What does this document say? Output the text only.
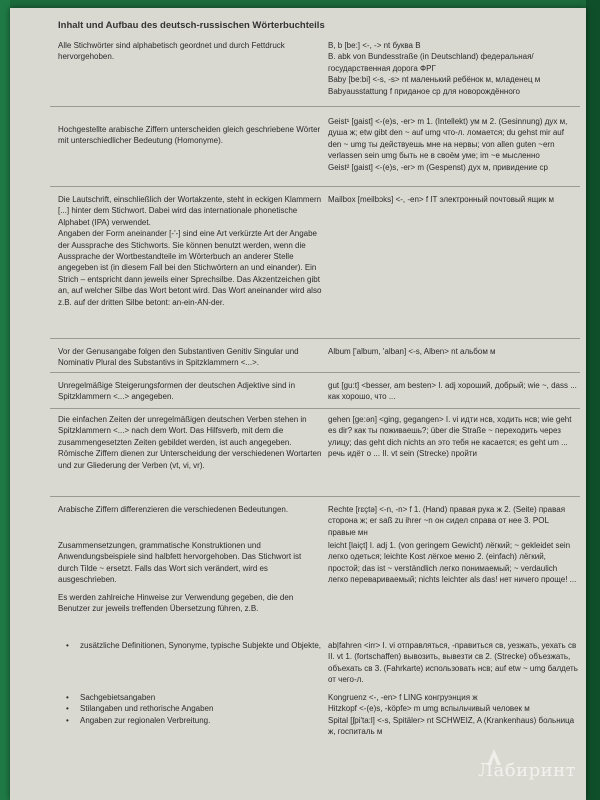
Inhalt und Aufbau des deutsch-russischen Wörterbuchteils

Alle Stichwörter sind alphabetisch geordnet und durch Fettdruck hervorgehoben.

B, b [be:] <-, -> nt буква B

B. abk von Bundesstraße (in Deutschland) федеральная/государственная дорога ФРГ

Baby [be:bi] <-s, -s> nt маленький ребёнок м, младенец м

Babyausstattung f приданое ср для новорождённого

Hochgestellte arabische Ziffern unterscheiden gleich geschriebene Wörter mit unterschiedlicher Bedeutung (Homonyme).

Geist¹ [gaist] <-(e)s, -er> m 1. (Intellekt) ум м 2. (Gesinnung) дух м, душа ж; etw gibt den ~ auf umg что-л. ломается; du gehst mir auf den ~ umg ты действуешь мне на нервы; von allen guten ~ern verlassen sein umg быть не в своём уме; im ~e мысленно

Geist² [gaist] <-(e)s, -er> m (Gespenst) дух м, привидение ср

Die Lautschrift, einschließlich der Wortakzente, steht in eckigen Klammern [...] hinter dem Stichwort. Dabei wird das internationale phonetische Alphabet (IPA) verwendet.

Angaben der Form aneinander [-'-] sind eine Art verkürzte Art der Angabe der Aussprache des Stichworts. Sie können benutzt werden, wenn die Aussprache der Wortbestandteile im Wörterbuch an anderer Stelle angegeben ist (in diesem Fall bei den Stichwörtern an und einander). Ein Strich – entspricht dann jeweils einer Sprechsilbe. Das Akzentzeichen gibt an, auf welcher Silbe das Wort betont wird. Das Wort aneinander wird also z.B. auf der dritten Silbe betont: an-ein-AN-der.

Mailbox [meilbɔks] <-, -en> f IT электронный почтовый ящик м

Vor der Genusangabe folgen den Substantiven Genitiv Singular und Nominativ Plural des Substantivs in Spitzklammern <...>.

Album ['album, 'alban] <-s, Alben> nt альбом м

Unregelmäßige Steigerungsformen der deutschen Adjektive sind in Spitzklammern <...> angegeben.

gut [gu:t] <besser, am besten> I. adj хороший, добрый; wie ~, dass ... как хорошо, что ...

Die einfachen Zeiten der unregelmäßigen deutschen Verben stehen in Spitzklammern <...> nach dem Wort. Das Hilfsverb, mit dem die zusammengesetzten Zeiten gebildet werden, ist auch angegeben.

Römische Ziffern dienen zur Unterscheidung der verschiedenen Wortarten und zur Gliederung der Verben (vt, vi, vr).

gehen [ge:ən] <ging, gegangen> I. vi идти нсв, ходить нсв; wie geht es dir? как ты поживаешь?; über die Straße ~ переходить через улицу; das geht dich nichts an это тебя не касается; es geht um ... речь идёт о ... II. vt sein (Strecke) пройти

Arabische Ziffern differenzieren die verschiedenen Bedeutungen.	Rechte [rɛçtə] <-n, -n> f 1. (Hand) правая рука ж 2. (Seite) правая сторона ж; er saß zu ihrer ~n он сидел справа от нее 3. POL правые мн

Zusammensetzungen, grammatische Konstruktionen und Anwendungsbeispiele sind halbfett hervorgehoben. Das Stichwort ist durch Tilde ~ ersetzt. Falls das Wort sich verändert, wird es ausgeschrieben.

Es werden zahlreiche Hinweise zur Verwendung gegeben, die den Benutzer zur jeweils treffenden Übersetzung führen, z.B.

leicht [laiçt] I. adj 1. (von geringem Gewicht) лёгкий; ~ gekleidet sein легко одеться; leichte Kost лёгкое меню 2. (einfach) лёгкий, простой; das ist ~ verständlich легко понимаемый; ~ verdaulich легко перевариваемый; nichts leichter als das! нет ничего проще! ...

• zusätzliche Definitionen, Synonyme, typische Subjekte und Objekte, ab|fahren <irr> I. vi отправляться, -правиться св, уезжать, уехать св II. vt 1. (fortschaffen) вывозить, вывезти св 2. (Strecke) объезжать, объехать св 3. (Fahrkarte) использовать нсв; auf etw ~ umg балдеть от чего-л.

• Sachgebietsangaben
• Stilangaben und rethorische Angaben
• Angaben zur regionalen Verbreitung.

Kongruenz <-, -en> f LING конгруэнция ж

Hitzkopf <-(e)s, -köpfe> m umg вспыльчивый человек м

Spital [ʃpi'ta:l] <-s, Spitäler> nt SCHWEIZ, A (Krankenhaus) больница ж, госпиталь м

Лабиринт
